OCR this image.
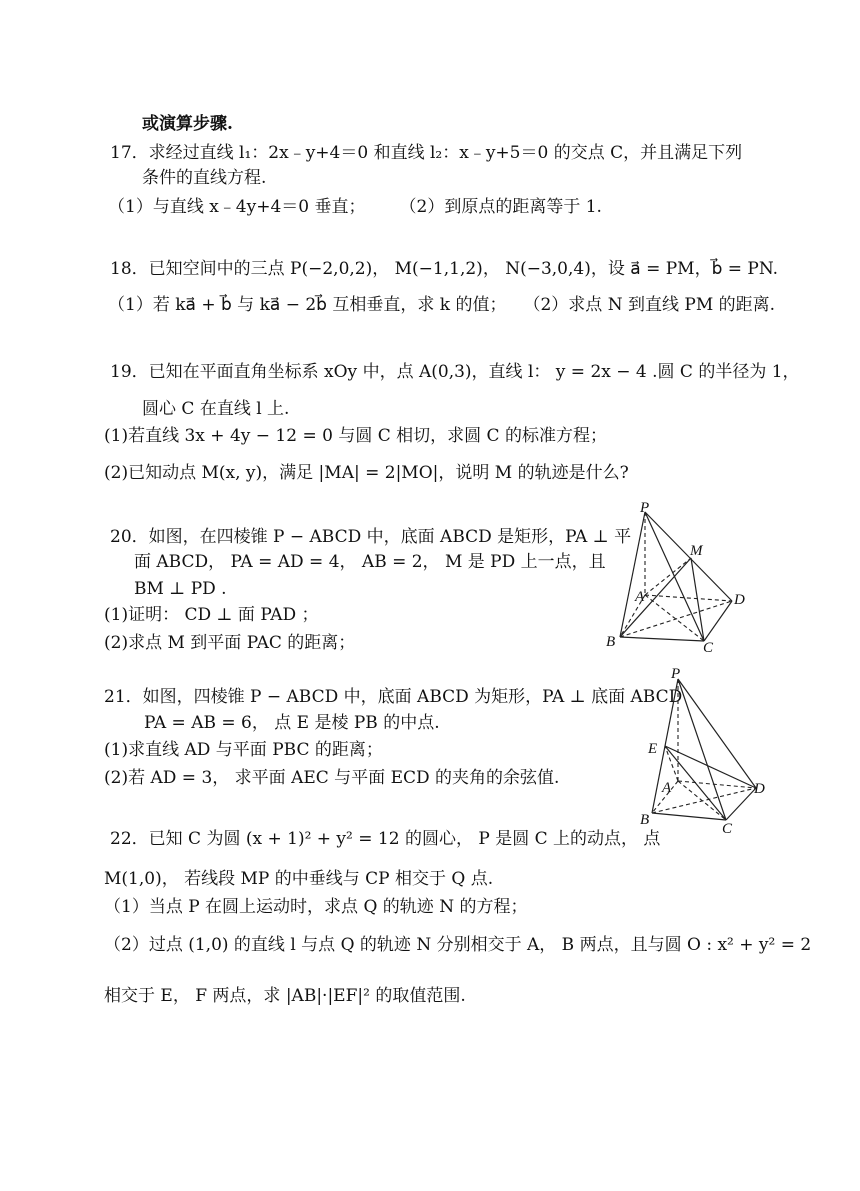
或演算步骤.
17．求经过直线 l₁：2x﹣y+4＝0 和直线 l₂：x﹣y+5＝0 的交点 C，并且满足下列
条件的直线方程.
（1）与直线 x﹣4y+4＝0 垂直；　　　（2）到原点的距离等于 1.
18．已知空间中的三点 P(−2,0,2)， M(−1,1,2)， N(−3,0,4)，设 a⃗ = PM，b⃗ = PN.
（1）若 ka⃗ + b⃗ 与 ka⃗ − 2b⃗ 互相垂直，求 k 的值；　　（2）求点 N 到直线 PM 的距离.
19．已知在平面直角坐标系 xOy 中，点 A(0,3)，直线 l： y = 2x − 4 .圆 C 的半径为 1，
圆心 C 在直线 l 上.
(1)若直线 3x + 4y − 12 = 0 与圆 C 相切，求圆 C 的标准方程；
(2)已知动点 M(x, y)，满足 |MA| = 2|MO|，说明 M 的轨迹是什么?
20．如图，在四棱锥 P − ABCD 中，底面 ABCD 是矩形，PA ⊥ 平
面 ABCD， PA = AD = 4， AB = 2， M 是 PD 上一点，且
BM ⊥ PD .
(1)证明： CD ⊥ 面 PAD ；
(2)求点 M 到平面 PAC 的距离；
21．如图，四棱锥 P − ABCD 中，底面 ABCD 为矩形，PA ⊥ 底面 ABCD
PA = AB = 6， 点 E 是棱 PB 的中点.
(1)求直线 AD 与平面 PBC 的距离；
(2)若 AD = 3， 求平面 AEC 与平面 ECD 的夹角的余弦值.
22．已知 C 为圆 (x + 1)² + y² = 12 的圆心， P 是圆 C 上的动点， 点
M(1,0)， 若线段 MP 的中垂线与 CP 相交于 Q 点.
（1）当点 P 在圆上运动时，求点 Q 的轨迹 N 的方程；
（2）过点 (1,0) 的直线 l 与点 Q 的轨迹 N 分别相交于 A， B 两点，且与圆 O : x² + y² = 2
相交于 E， F 两点，求 |AB|·|EF|² 的取值范围.
P
M
A	D
B	C
P
E
A	D
B
C
